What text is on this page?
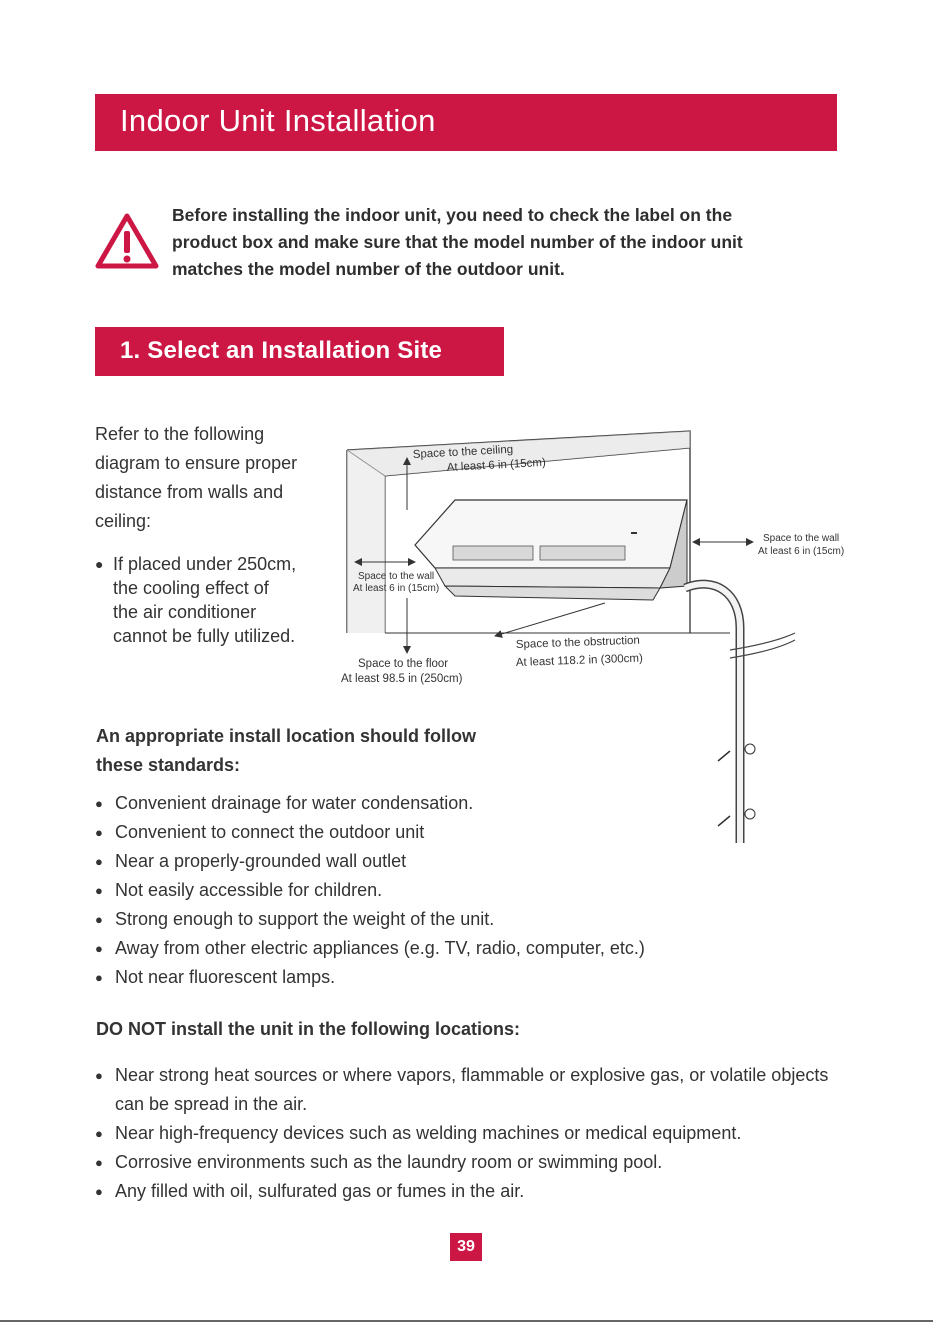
Indoor Unit Installation
Before installing the indoor unit, you need to check the label on the
product box and make sure that the model number of the indoor unit
matches the model number of the outdoor unit.
1. Select an Installation Site
Refer to the following
diagram to ensure proper
distance from walls and
ceiling:
● If placed under 250cm,
the cooling effect of
the air conditioner
cannot be fully utilized.
Space to the ceiling
At least 6 in (15cm)
Space to the wall
At least 6 in (15cm)
Space to the wall
At least 6 in (15cm)
Space to the obstruction
At least 118.2 in (300cm)
Space to the floor
At least 98.5 in (250cm)
An appropriate install location should follow
these standards:
● Convenient drainage for water condensation.
● Convenient to connect the outdoor unit
● Near a properly-grounded wall outlet
● Not easily accessible for children.
● Strong enough to support the weight of the unit.
● Away from other electric appliances (e.g. TV, radio, computer, etc.)
● Not near fluorescent lamps.
DO NOT install the unit in the following locations:
● Near strong heat sources or where vapors, flammable or explosive gas, or volatile objects can be spread in the air.
● Near high-frequency devices such as welding machines or medical equipment.
● Corrosive environments such as the laundry room or swimming pool.
● Any filled with oil, sulfurated gas or fumes in the air.
39
